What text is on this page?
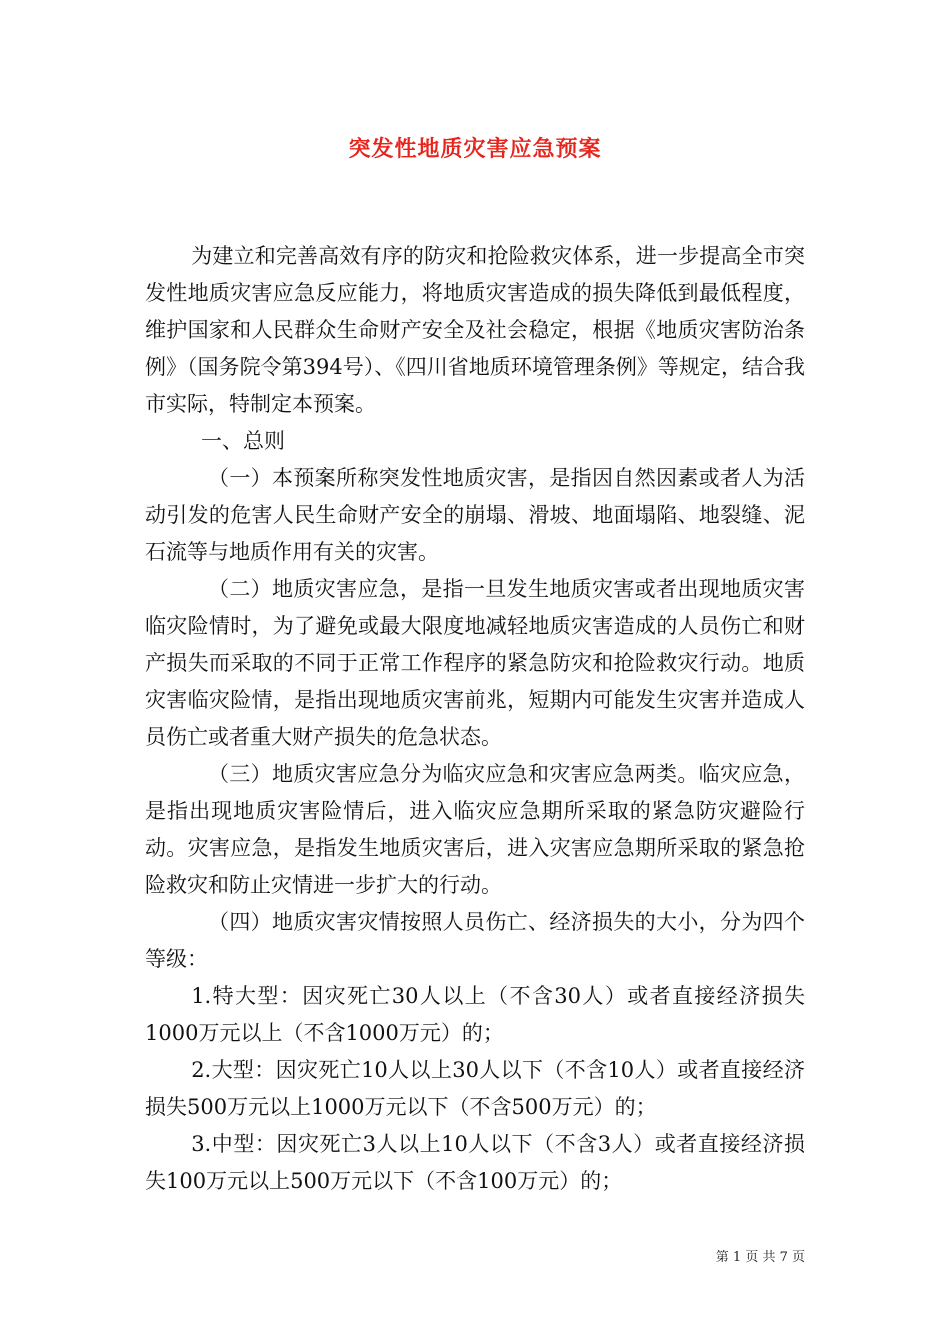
突发性地质灾害应急预案

为建立和完善高效有序的防灾和抢险救灾体系，进一步提高全市突发性地质灾害应急反应能力，将地质灾害造成的损失降低到最低程度，维护国家和人民群众生命财产安全及社会稳定，根据《地质灾害防治条例》（国务院令第394号）、《四川省地质环境管理条例》等规定，结合我市实际，特制定本预案。

一、总则

（一）本预案所称突发性地质灾害，是指因自然因素或者人为活动引发的危害人民生命财产安全的崩塌、滑坡、地面塌陷、地裂缝、泥石流等与地质作用有关的灾害。

（二）地质灾害应急，是指一旦发生地质灾害或者出现地质灾害临灾险情时，为了避免或最大限度地减轻地质灾害造成的人员伤亡和财产损失而采取的不同于正常工作程序的紧急防灾和抢险救灾行动。地质灾害临灾险情，是指出现地质灾害前兆，短期内可能发生灾害并造成人员伤亡或者重大财产损失的危急状态。

（三）地质灾害应急分为临灾应急和灾害应急两类。临灾应急，是指出现地质灾害险情后，进入临灾应急期所采取的紧急防灾避险行动。灾害应急，是指发生地质灾害后，进入灾害应急期所采取的紧急抢险救灾和防止灾情进一步扩大的行动。

（四）地质灾害灾情按照人员伤亡、经济损失的大小，分为四个等级：

1.特大型：因灾死亡30人以上（不含30人）或者直接经济损失1000万元以上（不含1000万元）的；

2.大型：因灾死亡10人以上30人以下（不含10人）或者直接经济损失500万元以上1000万元以下（不含500万元）的；

3.中型：因灾死亡3人以上10人以下（不含3人）或者直接经济损失100万元以上500万元以下（不含100万元）的；

第 1 页 共 7 页
